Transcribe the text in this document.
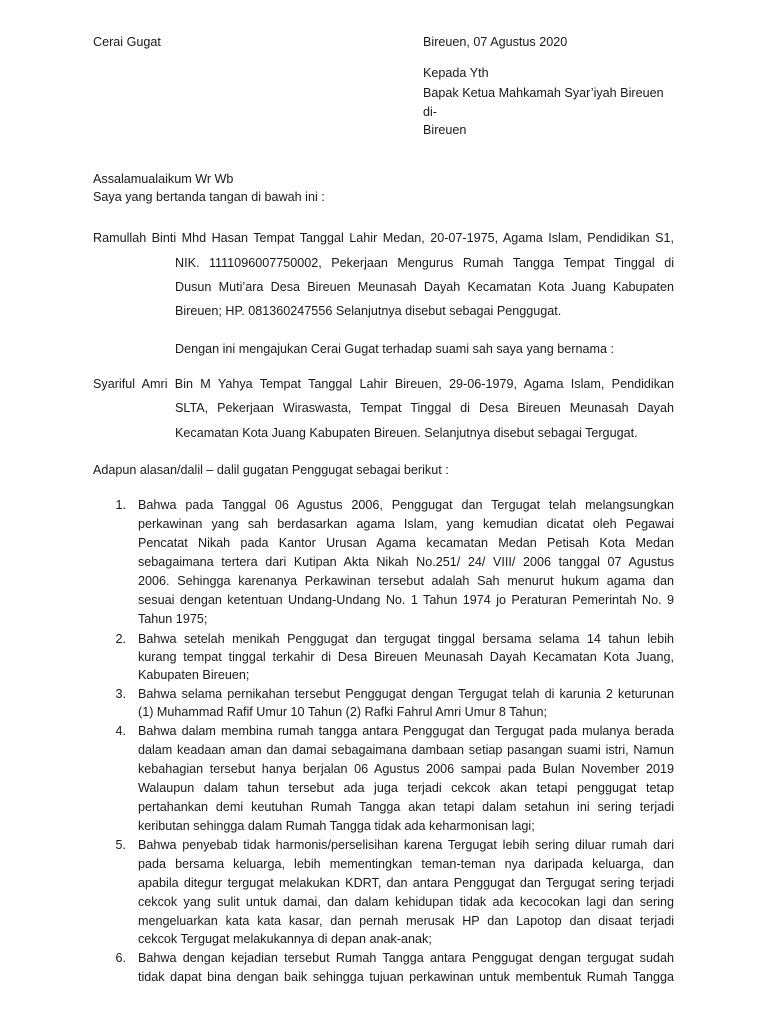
Cerai Gugat	Bireuen, 07 Agustus 2020
Kepada Yth
Bapak Ketua Mahkamah Syar’iyah Bireuen
di-
Bireuen
Assalamualaikum Wr Wb
Saya yang bertanda tangan di bawah ini :
Ramullah Binti Mhd Hasan Tempat Tanggal Lahir Medan, 20-07-1975, Agama Islam, Pendidikan S1,
NIK. 1111096007750002, Pekerjaan Mengurus Rumah Tangga Tempat Tinggal di
Dusun Muti’ara Desa Bireuen Meunasah Dayah Kecamatan Kota Juang Kabupaten
Bireuen; HP. 081360247556 Selanjutnya disebut sebagai Penggugat.
Dengan ini mengajukan Cerai Gugat terhadap suami sah saya yang bernama :
Syariful Amri Bin M Yahya Tempat Tanggal Lahir Bireuen, 29-06-1979, Agama Islam, Pendidikan
SLTA, Pekerjaan Wiraswasta, Tempat Tinggal di Desa Bireuen Meunasah Dayah
Kecamatan Kota Juang Kabupaten Bireuen. Selanjutnya disebut sebagai Tergugat.
Adapun alasan/dalil – dalil gugatan Penggugat sebagai berikut :
1.
2.
3.
4.
5.
6.
Bahwa pada Tanggal 06 Agustus 2006, Penggugat dan Tergugat telah melangsungkan
perkawinan yang sah berdasarkan agama Islam, yang kemudian dicatat oleh Pegawai
Pencatat Nikah pada Kantor Urusan Agama kecamatan Medan Petisah Kota Medan
sebagaimana tertera dari Kutipan Akta Nikah No.251/ 24/ VIII/ 2006 tanggal 07 Agustus
2006. Sehingga karenanya Perkawinan tersebut adalah Sah menurut hukum agama dan
sesuai dengan ketentuan Undang-Undang No. 1 Tahun 1974 jo Peraturan Pemerintah No. 9
Tahun 1975;
Bahwa setelah menikah Penggugat dan tergugat tinggal bersama selama 14 tahun lebih
kurang tempat tinggal terkahir di Desa Bireuen Meunasah Dayah Kecamatan Kota Juang,
Kabupaten Bireuen;
Bahwa selama pernikahan tersebut Penggugat dengan Tergugat telah di karunia 2 keturunan
(1) Muhammad Rafif Umur 10 Tahun (2) Rafki Fahrul Amri Umur 8 Tahun;
Bahwa dalam membina rumah tangga antara Penggugat dan Tergugat pada mulanya berada
dalam keadaan aman dan damai sebagaimana dambaan setiap pasangan suami istri, Namun
kebahagian tersebut hanya berjalan 06 Agustus 2006 sampai pada Bulan November 2019
Walaupun dalam tahun tersebut ada juga terjadi cekcok akan tetapi penggugat tetap
pertahankan demi keutuhan Rumah Tangga akan tetapi dalam setahun ini sering terjadi
keributan sehingga dalam Rumah Tangga tidak ada keharmonisan lagi;
Bahwa penyebab tidak harmonis/perselisihan karena Tergugat lebih sering diluar rumah dari
pada bersama keluarga, lebih mementingkan teman-teman nya daripada keluarga, dan
apabila ditegur tergugat melakukan KDRT, dan antara Penggugat dan Tergugat sering terjadi
cekcok yang sulit untuk damai, dan dalam kehidupan tidak ada kecocokan lagi dan sering
mengeluarkan kata kata kasar, dan pernah merusak HP dan Lapotop dan disaat terjadi
cekcok Tergugat melakukannya di depan anak-anak;
Bahwa dengan kejadian tersebut Rumah Tangga antara Penggugat dengan tergugat sudah
tidak dapat bina dengan baik sehingga tujuan perkawinan untuk membentuk Rumah Tangga
